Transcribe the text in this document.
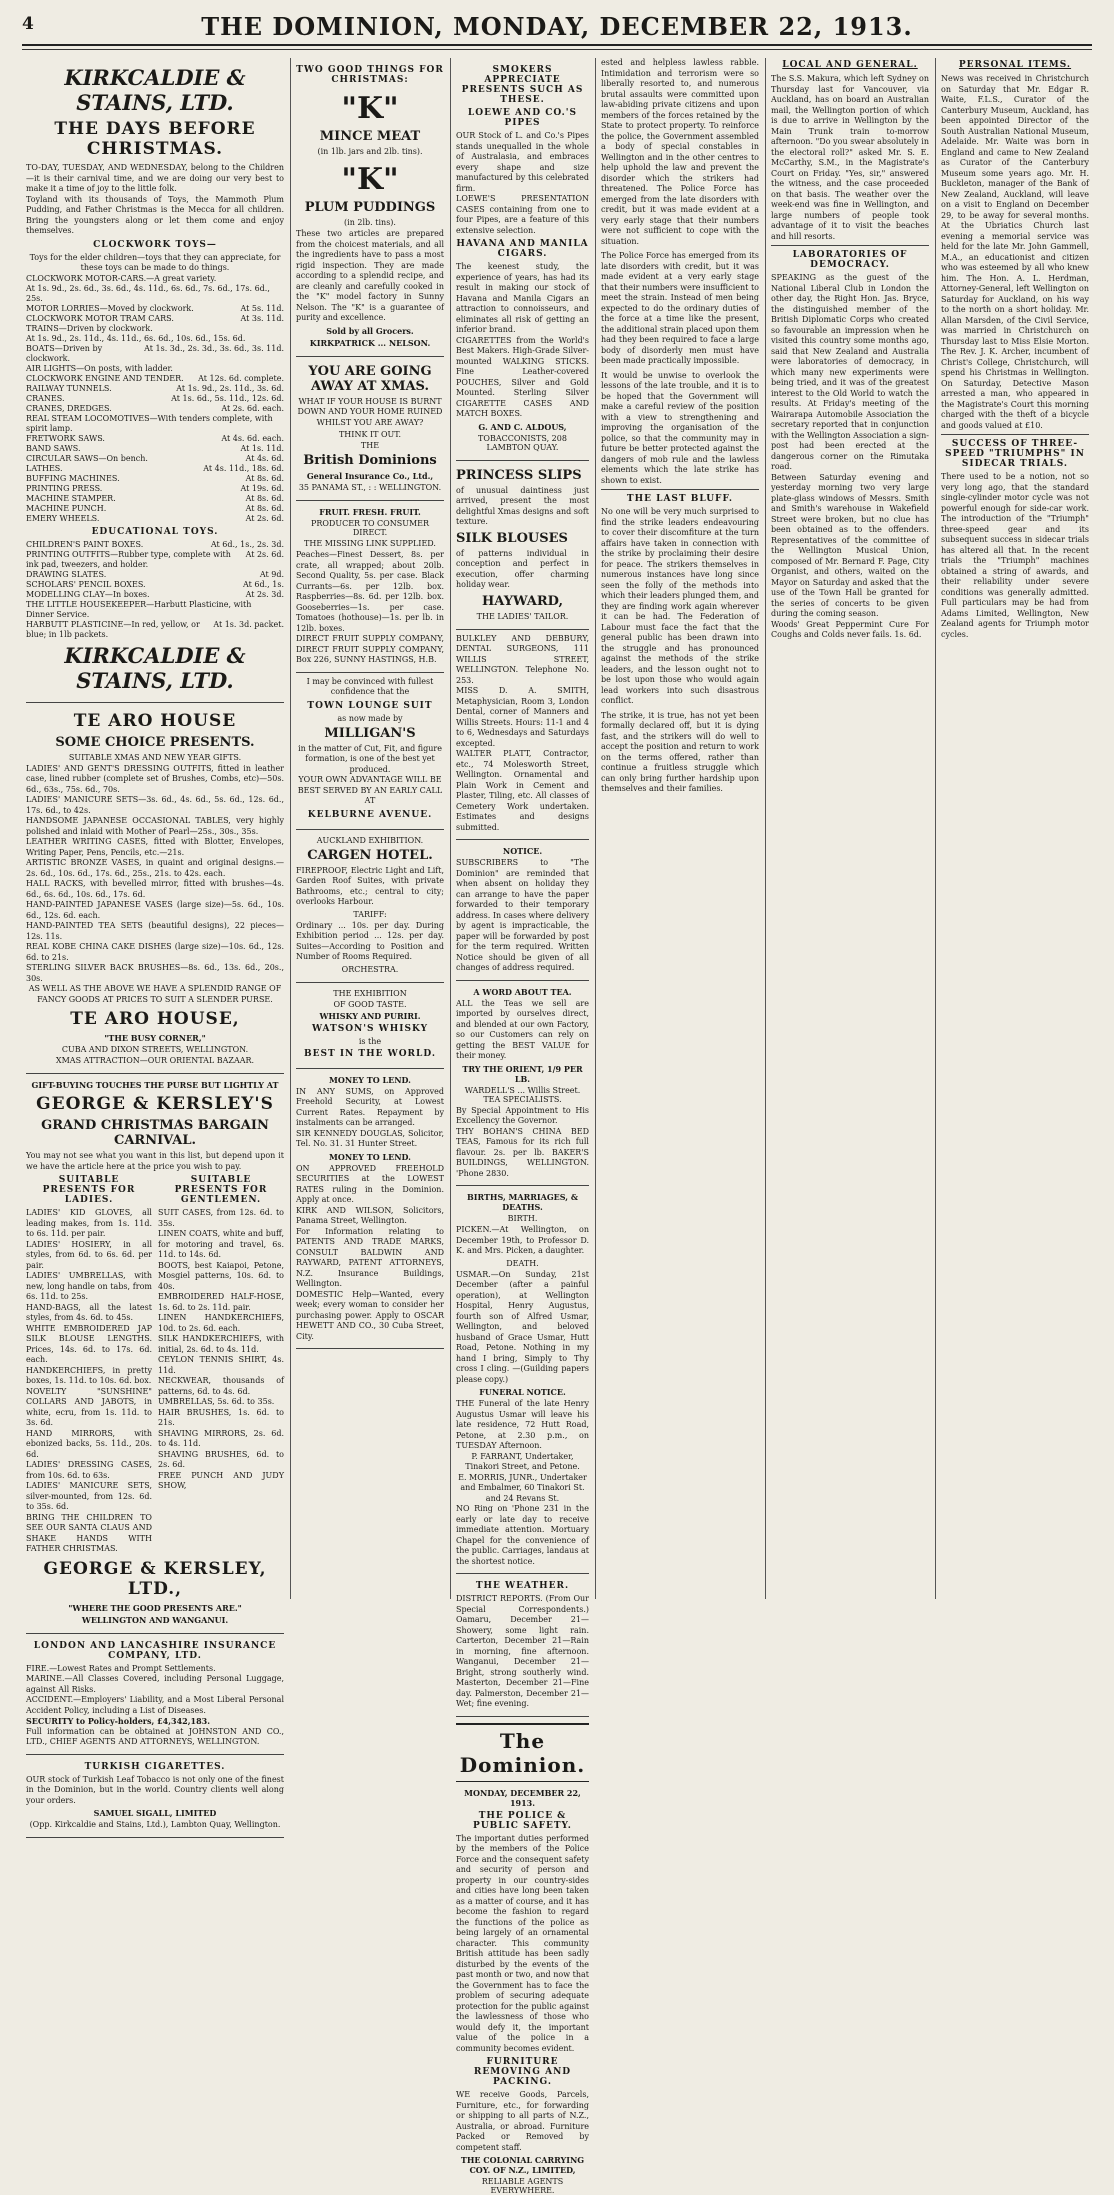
4	THE DOMINION, MONDAY, DECEMBER 22, 1913.
KIRKCALDIE & STAINS, LTD.
THE DAYS BEFORE CHRISTMAS.

TO-DAY, TUESDAY, AND WEDNESDAY, belong to the Children—it is their carnival time, and we are doing our very best to make it a time of joy to the little folk.

Toyland with its thousands of Toys, the Mammoth Plum Pudding, and Father Christmas is the Mecca for all children. Bring the youngsters along or let them come and enjoy themselves.

CLOCKWORK TOYS—

Toys for the elder children—toys that they can appreciate, for these toys can be made to do things.

CLOCKWORK MOTOR-CARS.—A great variety.
At 1s. 9d., 2s. 6d., 3s. 6d., 4s. 11d., 6s. 6d., 7s. 6d., 17s. 6d., 25s.
MOTOR LORRIES—Moved by clockwork.	At 5s. 11d.
CLOCKWORK MOTOR TRAM CARS.	At 3s. 11d.
TRAINS—Driven by clockwork.
At 1s. 9d., 2s. 11d., 4s. 11d., 6s. 6d., 10s. 6d., 15s. 6d.
BOATS—Driven by clockwork.
At 1s. 3d., 2s. 3d., 3s. 6d., 3s. 11d.
AIR LIGHTS—On posts, with ladder.
CLOCKWORK ENGINE AND TENDER. At 12s. 6d. complete.
RAILWAY TUNNELS.	At 1s. 9d., 2s. 11d., 3s. 6d.
CRANES.	At 1s. 6d., 5s. 11d., 12s. 6d.
CRANES, DREDGES.	At 2s. 6d. each.
REAL STEAM LOCOMOTIVES—With tenders complete, with spirit lamp.
FRETWORK SAWS.	At 4s. 6d. each.
BAND SAWS.	At 1s. 11d.
CIRCULAR SAWS—On bench.	At 4s. 6d.
LATHES.	At 4s. 11d., 18s. 6d.
BUFFING MACHINES.	At 8s. 6d.
PRINTING PRESS.	At 19s. 6d.
MACHINE STAMPER.	At 8s. 6d.
MACHINE PUNCH.	At 8s. 6d.
EMERY WHEELS.	At 2s. 6d.
EDUCATIONAL TOYS.
CHILDREN'S PAINT BOXES.	At 6d., 1s., 2s. 3d.
PRINTING OUTFITS—Rubber type, complete with ink pad, tweezers, and holder.
At 2s. 6d.
DRAWING SLATES.	At 9d.
SCHOLARS' PENCIL BOXES.	At 6d., 1s.
MODELLING CLAY—In boxes.	At 2s. 3d.
THE LITTLE HOUSEKEEPER—Harbutt Plasticine, with Dinner Service.
HARBUTT PLASTICINE—In red, yellow, or blue; in 1lb packets.
At 1s. 3d. packet.
KIRKCALDIE & STAINS, LTD.
TE ARO HOUSE
SOME CHOICE PRESENTS.
SUITABLE XMAS AND NEW YEAR GIFTS.

LADIES' AND GENT'S DRESSING OUTFITS, fitted in leather case, lined rubber (complete set of Brushes, Combs, etc)—50s. 6d., 63s., 75s. 6d., 70s.

LADIES' MANICURE SETS—3s. 6d., 4s. 6d., 5s. 6d., 12s. 6d., 17s. 6d., to 42s.

HANDSOME JAPANESE OCCASIONAL TABLES, very highly polished and inlaid with Mother of Pearl—25s., 30s., 35s.

LEATHER WRITING CASES, fitted with Blotter, Envelopes, Writing Paper, Pens, Pencils, etc.—21s.

ARTISTIC BRONZE VASES, in quaint and original designs.—2s. 6d., 10s. 6d., 17s. 6d., 25s., 21s. to 42s. each.

HALL RACKS, with bevelled mirror, fitted with brushes—4s. 6d., 6s. 6d., 10s. 6d., 17s. 6d.

HAND-PAINTED JAPANESE VASES (large size)—5s. 6d., 10s. 6d., 12s. 6d. each.

HAND-PAINTED TEA SETS (beautiful designs), 22 pieces—12s. 11s.

REAL KOBE CHINA CAKE DISHES (large size)—10s. 6d., 12s. 6d. to 21s.

STERLING SILVER BACK BRUSHES—8s. 6d., 13s. 6d., 20s., 30s.

AS WELL AS THE ABOVE WE HAVE A SPLENDID RANGE OF FANCY GOODS AT PRICES TO SUIT A SLENDER PURSE.

TE ARO HOUSE,
"THE BUSY CORNER,"
CUBA AND DIXON STREETS, WELLINGTON.
XMAS ATTRACTION—OUR ORIENTAL BAZAAR.
GIFT-BUYING TOUCHES THE PURSE BUT LIGHTLY AT
GEORGE & KERSLEY'S
GRAND CHRISTMAS BARGAIN CARNIVAL.

You may not see what you want in this list, but depend upon it we have the article here at the price you wish to pay.

SUITABLE PRESENTS FOR LADIES.

LADIES' KID GLOVES, all leading makes, from 1s. 11d. to 6s. 11d. per pair.

LADIES' HOSIERY, in all styles, from 6d. to 6s. 6d. per pair.

LADIES' UMBRELLAS, with new, long handle on tabs, from 6s. 11d. to 25s.

HAND-BAGS, all the latest styles, from 4s. 6d. to 45s.

WHITE EMBROIDERED JAP SILK BLOUSE LENGTHS. Prices, 14s. 6d. to 17s. 6d. each.

HANDKERCHIEFS, in pretty boxes, 1s. 11d. to 10s. 6d. box.

NOVELTY "SUNSHINE" COLLARS AND JABOTS, in white, ecru, from 1s. 11d. to 3s. 6d.

HAND MIRRORS, with ebonized backs, 5s. 11d., 20s. 6d.

LADIES' DRESSING CASES, from 10s. 6d. to 63s.

LADIES' MANICURE SETS, silver-mounted, from 12s. 6d. to 35s. 6d.

BRING THE CHILDREN TO SEE OUR SANTA CLAUS AND SHAKE HANDS WITH FATHER CHRISTMAS.

SUITABLE PRESENTS FOR GENTLEMEN.

SUIT CASES, from 12s. 6d. to 35s.

LINEN COATS, white and buff, for motoring and travel, 6s. 11d. to 14s. 6d.

BOOTS, best Kaiapoi, Petone, Mosgiel patterns, 10s. 6d. to 40s.

EMBROIDERED HALF-HOSE, 1s. 6d. to 2s. 11d. pair.

LINEN HANDKERCHIEFS, 10d. to 2s. 6d. each.

SILK HANDKERCHIEFS, with initial, 2s. 6d. to 4s. 11d.

CEYLON TENNIS SHIRT, 4s. 11d.

NECKWEAR, thousands of patterns, 6d. to 4s. 6d.

UMBRELLAS, 5s. 6d. to 35s.

HAIR BRUSHES, 1s. 6d. to 21s.

SHAVING MIRRORS, 2s. 6d. to 4s. 11d.

SHAVING BRUSHES, 6d. to 2s. 6d.

FREE PUNCH AND JUDY SHOW,

GEORGE & KERSLEY, LTD.,
"WHERE THE GOOD PRESENTS ARE."
WELLINGTON AND WANGANUI.
LONDON AND LANCASHIRE INSURANCE COMPANY, LTD.

FIRE.—Lowest Rates and Prompt Settlements.

MARINE.—All Classes Covered, including Personal Luggage, against All Risks.

ACCIDENT.—Employers' Liability, and a Most Liberal Personal Accident Policy, including a List of Diseases.

SECURITY to Policy-holders, £4,342,183.

Full information can be obtained at JOHNSTON AND CO., LTD., CHIEF AGENTS AND ATTORNEYS, WELLINGTON.

TURKISH CIGARETTES.

OUR stock of Turkish Leaf Tobacco is not only one of the finest in the Dominion, but in the world. Country clients well along your orders.

SAMUEL SIGALL, LIMITED
(Opp. Kirkcaldie and Stains, Ltd.), Lambton Quay, Wellington.
TWO GOOD THINGS FOR CHRISTMAS:
"K"
MINCE MEAT
(in 1lb. jars and 2lb. tins).
"K"
PLUM PUDDINGS
(in 2lb. tins).

These two articles are prepared from the choicest materials, and all the ingredients have to pass a most rigid inspection. They are made according to a splendid recipe, and are cleanly and carefully cooked in the "K" model factory in Sunny Nelson. The "K" is a guarantee of purity and excellence.

Sold by all Grocers.
KIRKPATRICK ... NELSON.
YOU ARE GOING AWAY AT XMAS.

WHAT IF YOUR HOUSE IS BURNT DOWN AND YOUR HOME RUINED WHILST YOU ARE AWAY?

THINK IT OUT.
THE
British Dominions
General Insurance Co., Ltd.,
35 PANAMA ST., : : WELLINGTON.
FRUIT. FRESH. FRUIT.
PRODUCER TO CONSUMER DIRECT.
THE MISSING LINK SUPPLIED.

Peaches—Finest Dessert, 8s. per crate, all wrapped; about 20lb. Second Quality, 5s. per case. Black Currants—6s. per 12lb. box. Raspberries—8s. 6d. per 12lb. box. Gooseberries—1s. per case. Tomatoes (hothouse)—1s. per lb. in 12lb. boxes.

DIRECT FRUIT SUPPLY COMPANY, DIRECT FRUIT SUPPLY COMPANY, Box 226, SUNNY HASTINGS, H.B.

I may be convinced with fullest confidence that the

TOWN LOUNGE SUIT
as now made by
MILLIGAN'S

in the matter of Cut, Fit, and figure formation, is one of the best yet produced.

YOUR OWN ADVANTAGE WILL BE BEST SERVED BY AN EARLY CALL AT

KELBURNE AVENUE.
AUCKLAND EXHIBITION.
CARGEN HOTEL.

FIREPROOF, Electric Light and Lift, Garden Roof Suites, with private Bathrooms, etc.; central to city; overlooks Harbour.

TARIFF:

Ordinary ... 10s. per day. During Exhibition period ... 12s. per day. Suites—According to Position and Number of Rooms Required.

ORCHESTRA.
THE EXHIBITION
OF GOOD TASTE.
WHISKY AND PURIRI.
WATSON'S WHISKY
is the
BEST IN THE WORLD.
MONEY TO LEND.

IN ANY SUMS, on Approved Freehold Security, at Lowest Current Rates. Repayment by instalments can be arranged.

SIR KENNEDY DOUGLAS, Solicitor, Tel. No. 31. 31 Hunter Street.

MONEY TO LEND.

ON APPROVED FREEHOLD SECURITIES at the LOWEST RATES ruling in the Dominion. Apply at once.

KIRK AND WILSON, Solicitors, Panama Street, Wellington.

For Information relating to PATENTS AND TRADE MARKS, CONSULT BALDWIN AND RAYWARD, PATENT ATTORNEYS, N.Z. Insurance Buildings, Wellington.

DOMESTIC Help—Wanted, every week; every woman to consider her purchasing power. Apply to OSCAR HEWETT AND CO., 30 Cuba Street, City.

SMOKERS APPRECIATE PRESENTS SUCH AS THESE.
LOEWE AND CO.'S PIPES

OUR Stock of L. and Co.'s Pipes stands unequalled in the whole of Australasia, and embraces every shape and size manufactured by this celebrated firm.

LOEWE'S PRESENTATION CASES containing from one to four Pipes, are a feature of this extensive selection.

HAVANA AND MANILA CIGARS.

The keenest study, the experience of years, has had its result in making our stock of Havana and Manila Cigars an attraction to connoisseurs, and eliminates all risk of getting an inferior brand.

CIGARETTES from the World's Best Makers. High-Grade Silver-mounted WALKING STICKS. Fine Leather-covered POUCHES, Silver and Gold Mounted. Sterling Silver CIGARETTE CASES AND MATCH BOXES.

G. AND C. ALDOUS,
TOBACCONISTS, 208 LAMBTON QUAY.
PRINCESS SLIPS

of unusual daintiness just arrived, present the most delightful Xmas designs and soft texture.

SILK BLOUSES

of patterns individual in conception and perfect in execution, offer charming holiday wear.

HAYWARD,
THE LADIES' TAILOR.

BULKLEY AND DEBBURY, DENTAL SURGEONS, 111 WILLIS STREET, WELLINGTON. Telephone No. 253.

MISS D. A. SMITH, Metaphysician, Room 3, London Dental, corner of Manners and Willis Streets. Hours: 11-1 and 4 to 6, Wednesdays and Saturdays excepted.

WALTER PLATT, Contractor, etc., 74 Molesworth Street, Wellington. Ornamental and Plain Work in Cement and Plaster, Tiling, etc. All classes of Cemetery Work undertaken. Estimates and designs submitted.

NOTICE.

SUBSCRIBERS to "The Dominion" are reminded that when absent on holiday they can arrange to have the paper forwarded to their temporary address. In cases where delivery by agent is impracticable, the paper will be forwarded by post for the term required. Written Notice should be given of all changes of address required.

A WORD ABOUT TEA.

ALL the Teas we sell are imported by ourselves direct, and blended at our own Factory, so our Customers can rely on getting the BEST VALUE for their money.

TRY THE ORIENT, 1/9 PER LB.
WARDELL'S ... Willis Street. TEA SPECIALISTS.

By Special Appointment to His Excellency the Governor.

THY BOHAN'S CHINA BED TEAS, Famous for its rich full flavour. 2s. per lb. BAKER'S BUILDINGS, WELLINGTON. 'Phone 2830.

BIRTHS, MARRIAGES, & DEATHS.
BIRTH.

PICKEN.—At Wellington, on December 19th, to Professor D. K. and Mrs. Picken, a daughter.

DEATH.

USMAR.—On Sunday, 21st December (after a painful operation), at Wellington Hospital, Henry Augustus, fourth son of Alfred Usmar, Wellington, and beloved husband of Grace Usmar, Hutt Road, Petone. Nothing in my hand I bring, Simply to Thy cross I cling. —(Guilding papers please copy.)

FUNERAL NOTICE.

THE Funeral of the late Henry Augustus Usmar will leave his late residence, 72 Hutt Road, Petone, at 2.30 p.m., on TUESDAY Afternoon.

P. FARRANT, Undertaker, Tinakori Street, and Petone.

E. MORRIS, JUNR., Undertaker and Embalmer, 60 Tinakori St. and 24 Revans St.

NO Ring on 'Phone 231 in the early or late day to receive immediate attention. Mortuary Chapel for the convenience of the public. Carriages, landaus at the shortest notice.

THE WEATHER.

DISTRICT REPORTS. (From Our Special Correspondents.) Oamaru, December 21—Showery, some light rain. Carterton, December 21—Rain in morning, fine afternoon. Wanganui, December 21—Bright, strong southerly wind. Masterton, December 21—Fine day. Palmerston, December 21—Wet; fine evening.

The Dominion.
MONDAY, DECEMBER 22, 1913.
THE POLICE & PUBLIC SAFETY.

The important duties performed by the members of the Police Force and the consequent safety and security of person and property in our country-sides and cities have long been taken as a matter of course, and it has become the fashion to regard the functions of the police as being largely of an ornamental character. This community British attitude has been sadly disturbed by the events of the past month or two, and now that the Government has to face the problem of securing adequate protection for the public against the lawlessness of those who would defy it, the important value of the police in a community becomes evident.

FURNITURE REMOVING AND PACKING.

WE receive Goods, Parcels, Furniture, etc., for forwarding or shipping to all parts of N.Z., Australia, or abroad. Furniture Packed or Removed by competent staff.

THE COLONIAL CARRYING COY. OF N.Z., LIMITED,
RELIABLE AGENTS EVERYWHERE.

ested and helpless lawless rabble. Intimidation and terrorism were so liberally resorted to, and numerous brutal assaults were committed upon law-abiding private citizens and upon members of the forces retained by the State to protect property. To reinforce the police, the Government assembled a body of special constables in Wellington and in the other centres to help uphold the law and prevent the disorder which the strikers had threatened. The Police Force has emerged from the late disorders with credit, but it was made evident at a very early stage that their numbers were not sufficient to cope with the situation.

The Police Force has emerged from its late disorders with credit, but it was made evident at a very early stage that their numbers were insufficient to meet the strain. Instead of men being expected to do the ordinary duties of the force at a time like the present, the additional strain placed upon them had they been required to face a large body of disorderly men must have been made practically impossible.

It would be unwise to overlook the lessons of the late trouble, and it is to be hoped that the Government will make a careful review of the position with a view to strengthening and improving the organisation of the police, so that the community may in future be better protected against the dangers of mob rule and the lawless elements which the late strike has shown to exist.

THE LAST BLUFF.

No one will be very much surprised to find the strike leaders endeavouring to cover their discomfiture at the turn affairs have taken in connection with the strike by proclaiming their desire for peace. The strikers themselves in numerous instances have long since seen the folly of the methods into which their leaders plunged them, and they are finding work again wherever it can be had. The Federation of Labour must face the fact that the general public has been drawn into the struggle and has pronounced against the methods of the strike leaders, and the lesson ought not to be lost upon those who would again lead workers into such disastrous conflict.

The strike, it is true, has not yet been formally declared off, but it is dying fast, and the strikers will do well to accept the position and return to work on the terms offered, rather than continue a fruitless struggle which can only bring further hardship upon themselves and their families.

LOCAL AND GENERAL.

The S.S. Makura, which left Sydney on Thursday last for Vancouver, via Auckland, has on board an Australian mail, the Wellington portion of which is due to arrive in Wellington by the Main Trunk train to-morrow afternoon. "Do you swear absolutely in the electoral roll?" asked Mr. S. E. McCarthy, S.M., in the Magistrate's Court on Friday. "Yes, sir," answered the witness, and the case proceeded on that basis. The weather over the week-end was fine in Wellington, and large numbers of people took advantage of it to visit the beaches and hill resorts.

LABORATORIES OF DEMOCRACY.

SPEAKING as the guest of the National Liberal Club in London the other day, the Right Hon. Jas. Bryce, the distinguished member of the British Diplomatic Corps who created so favourable an impression when he visited this country some months ago, said that New Zealand and Australia were laboratories of democracy, in which many new experiments were being tried, and it was of the greatest interest to the Old World to watch the results. At Friday's meeting of the Wairarapa Automobile Association the secretary reported that in conjunction with the Wellington Association a sign-post had been erected at the dangerous corner on the Rimutaka road.

Between Saturday evening and yesterday morning two very large plate-glass windows of Messrs. Smith and Smith's warehouse in Wakefield Street were broken, but no clue has been obtained as to the offenders. Representatives of the committee of the Wellington Musical Union, composed of Mr. Bernard F. Page, City Organist, and others, waited on the Mayor on Saturday and asked that the use of the Town Hall be granted for the series of concerts to be given during the coming season.

Woods' Great Peppermint Cure For Coughs and Colds never fails. 1s. 6d.

PERSONAL ITEMS.

News was received in Christchurch on Saturday that Mr. Edgar R. Waite, F.L.S., Curator of the Canterbury Museum, Auckland, has been appointed Director of the South Australian National Museum, Adelaide. Mr. Waite was born in England and came to New Zealand as Curator of the Canterbury Museum some years ago. Mr. H. Buckleton, manager of the Bank of New Zealand, Auckland, will leave on a visit to England on December 29, to be away for several months. At the Ubriatics Church last evening a memorial service was held for the late Mr. John Gammell, M.A., an educationist and citizen who was esteemed by all who knew him. The Hon. A. L. Herdman, Attorney-General, left Wellington on Saturday for Auckland, on his way to the north on a short holiday. Mr. Allan Marsden, of the Civil Service, was married in Christchurch on Thursday last to Miss Elsie Morton. The Rev. J. K. Archer, incumbent of Christ's College, Christchurch, will spend his Christmas in Wellington. On Saturday, Detective Mason arrested a man, who appeared in the Magistrate's Court this morning charged with the theft of a bicycle and goods valued at £10.

SUCCESS OF THREE-SPEED "TRIUMPHS" IN SIDECAR TRIALS.

There used to be a notion, not so very long ago, that the standard single-cylinder motor cycle was not powerful enough for side-car work. The introduction of the "Triumph" three-speed gear and its subsequent success in sidecar trials has altered all that. In the recent trials the "Triumph" machines obtained a string of awards, and their reliability under severe conditions was generally admitted. Full particulars may be had from Adams Limited, Wellington, New Zealand agents for Triumph motor cycles.
